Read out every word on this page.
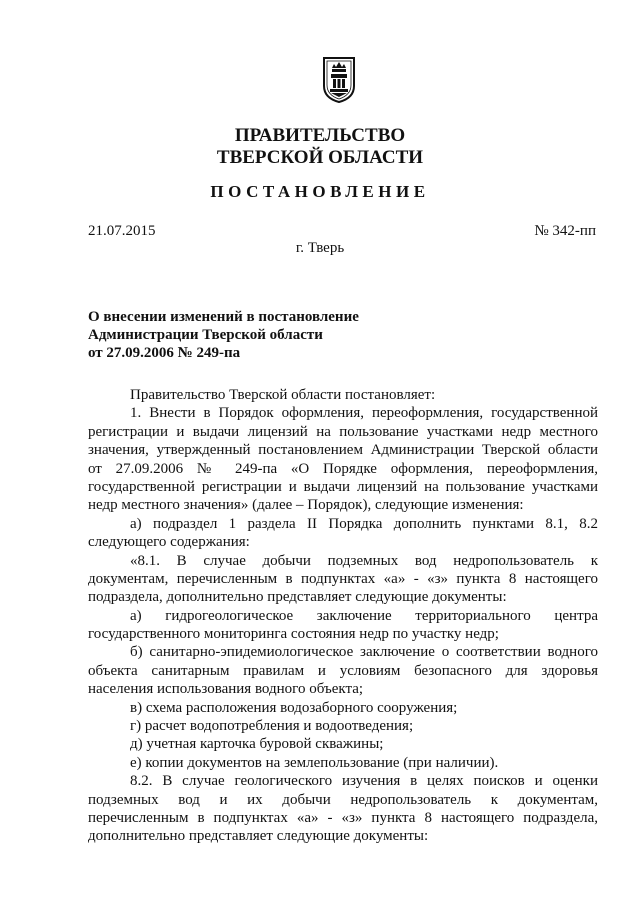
ПРАВИТЕЛЬСТВО
ТВЕРСКОЙ ОБЛАСТИ
ПОСТАНОВЛЕНИЕ
21.07.2015	№ 342-пп
г. Тверь
О внесении изменений в постановление
Администрации Тверской области
от 27.09.2006 № 249-па
Правительство Тверской области постановляет:
1. Внести в Порядок оформления, переоформления, государственной
регистрации и выдачи лицензий на пользование участками недр местного
значения, утвержденный постановлением Администрации Тверской области
от 27.09.2006 № 249-па «О Порядке оформления, переоформления,
государственной регистрации и выдачи лицензий на пользование участками
недр местного значения» (далее – Порядок), следующие изменения:
а) подраздел 1 раздела II Порядка дополнить пунктами 8.1, 8.2
следующего содержания:
«8.1. В случае добычи подземных вод недропользователь к
документам, перечисленным в подпунктах «а» - «з» пункта 8 настоящего
подраздела, дополнительно представляет следующие документы:
а) гидрогеологическое заключение территориального центра
государственного мониторинга состояния недр по участку недр;
б) санитарно-эпидемиологическое заключение о соответствии водного
объекта санитарным правилам и условиям безопасного для здоровья
населения использования водного объекта;
в) схема расположения водозаборного сооружения;
г) расчет водопотребления и водоотведения;
д) учетная карточка буровой скважины;
е) копии документов на землепользование (при наличии).
8.2. В случае геологического изучения в целях поисков и оценки
подземных вод и их добычи недропользователь к документам,
перечисленным в подпунктах «а» - «з» пункта 8 настоящего подраздела,
дополнительно представляет следующие документы:
